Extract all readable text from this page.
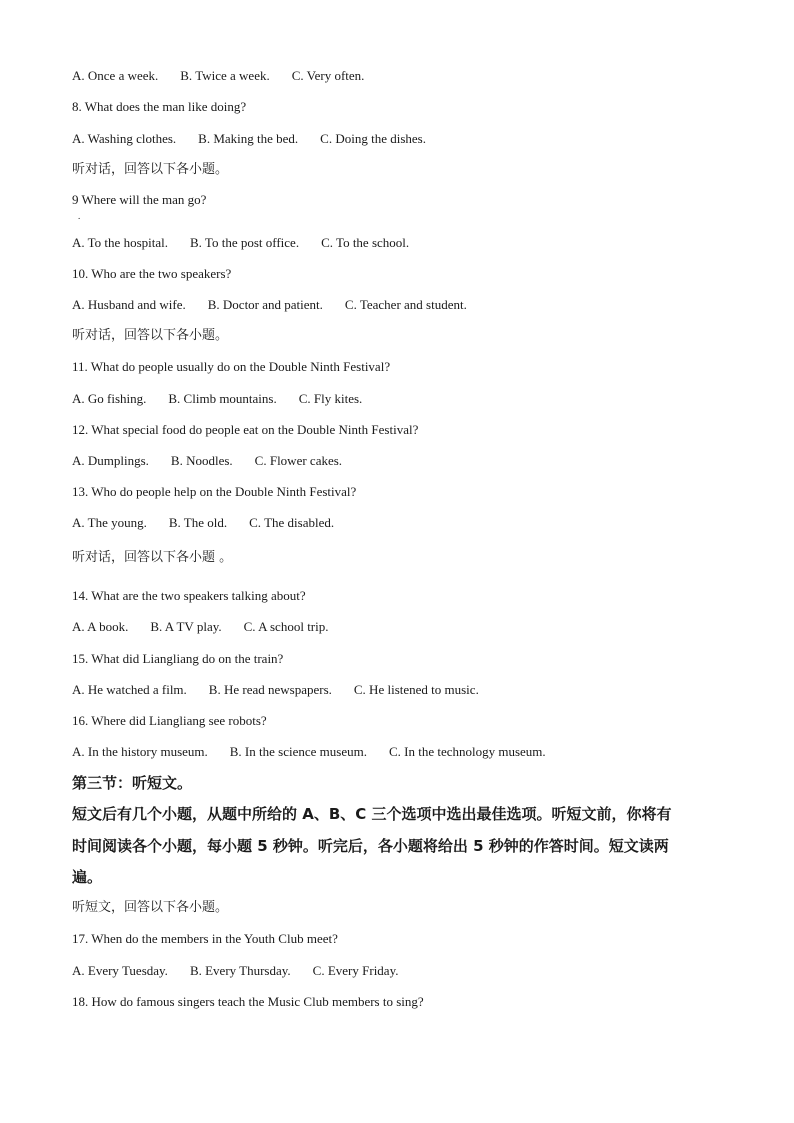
A. Once a week. B. Twice a week. C. Very often.
8. What does the man like doing?
A. Washing clothes. B. Making the bed. C. Doing the dishes.
听对话，回答以下各小题。
9 Where will the man go?
.
A. To the hospital. B. To the post office. C. To the school.
10. Who are the two speakers?
A. Husband and wife. B. Doctor and patient. C. Teacher and student.
听对话，回答以下各小题。
11. What do people usually do on the Double Ninth Festival?
A. Go fishing. B. Climb mountains. C. Fly kites.
12. What special food do people eat on the Double Ninth Festival?
A. Dumplings. B. Noodles. C. Flower cakes.
13. Who do people help on the Double Ninth Festival?
A. The young. B. The old. C. The disabled.
听对话，回答以下各小题 。
14. What are the two speakers talking about?
A. A book. B. A TV play. C. A school trip.
15. What did Liangliang do on the train?
A. He watched a film. B. He read newspapers. C. He listened to music.
16. Where did Liangliang see robots?
A. In the history museum. B. In the science museum. C. In the technology museum.
第三节：听短文。
短文后有几个小题，从题中所给的 A、B、C 三个选项中选出最佳选项。听短文前，你将有
时间阅读各个小题，每小题 5 秒钟。听完后，各小题将给出 5 秒钟的作答时间。短文读两
遍。
听短文，回答以下各小题。
17. When do the members in the Youth Club meet?
A. Every Tuesday. B. Every Thursday. C. Every Friday.
18. How do famous singers teach the Music Club members to sing?
